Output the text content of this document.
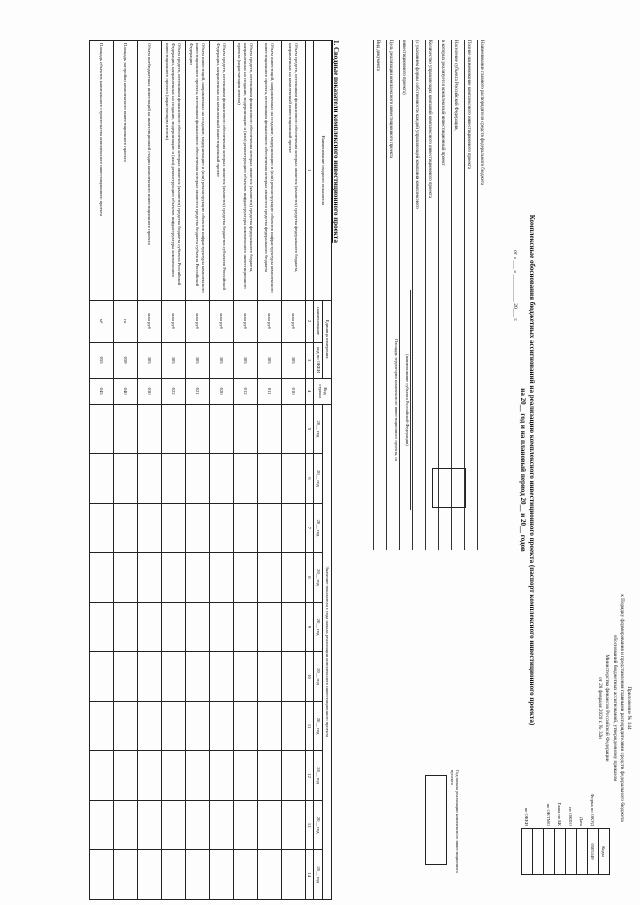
Приложение № 144
к Порядку формирования и представления главными распорядителями средств федерального бюджета
обоснований бюджетных ассигнований, утвержденному приказом
Министерства финансов Российской Федерации
от 28 февраля 2020 г. № 32н
	Коды
Форма по ОКУД	0505349
Дата	
по ОКПО	
Глава по БК	
по ОКТМО	

по ОКЕИ	
Комплексные обоснования бюджетных ассигнований на реализацию комплексного инвестиционного проекта (паспорт комплексного инвестиционного проекта)
на 20__ год и на плановый период 20__ и 20__ годов
от « ___ » __________ 20___ г.
Наименование главного распорядителя средств федерального бюджета
Полное наименование комплексного инвестиционного проекта
Население субъекта Российской Федерации,
в которых реализуется комплексный инвестиционный проект
Количество управляющих компаний комплексного инвестиционного проекта
(с указанием формы собственности каждой управляющей компании комплексного
инвестиционного проекта)
Цель реализации комплексного инвестиционного проекта
Вид документа
(наименование субъекта Российской Федерации)
Площадь территории комплексного инвестиционного проекта, га
Год начала реализации комплексного инвестиционного проекта
1. Сводные показатели комплексного инвестиционного проекта
Наименование сводного показателя	Единица измерения		Код строки	Значение показателя с года начала реализации комплексного инвестиционного проекта									
	наименование	код по ОКЕИ		20__ год	20__ год	20__ год	20__ год	20__ год	20__ год	20__ год	20__ год	20__ год	20__ год

1	2	3	4	5	6	7	8	9	10	11	12	13	14
Объем средств, источником финансового обеспечения которых является (являются) средства федерального бюджета, направленных на комплексный инвестиционный проект	млн руб	385	010										
Объем инвестиций, направленных на создание, модернизацию и (или) реконструкцию объектов инфраструктуры комплексного инвестиционного проекта, источником финансового обеспечения которых являются средства федерального бюджета	млн руб	385	011										
Объем средств, источником финансового обеспечения которых является (являются) средства федерального бюджета, направленных на создание, модернизацию и (или) реконструкцию объектов инфраструктуры комплексного инвестиционного проекта (нарастающим итогом)	млн руб	385	012										
Объем средств, источником финансового обеспечения которых является (являются) средства бюджетов субъектов Российской Федерации, направленных на комплексный инвестиционный проект	млн руб	385	020										
Объем инвестиций, направленных на создание, модернизацию и (или) реконструкцию объектов инфраструктуры комплексного инвестиционного проекта, источником финансового обеспечения которых являются средства бюджета субъекта Российской Федерации	млн руб	385	021										
Объем средств, источником финансового обеспечения которых является (являются) средства бюджета субъекта Российской Федерации, направленных на создание, модернизацию и (или) реконструкцию объектов инфраструктуры комплексного инвестиционного проекта (нарастающим итогом)	млн руб	385	022										
Объем внебюджетных инвестиций на инвестиционной стадии комплексного инвестиционного проекта	млн руб	385	030										
Площадь застройки комплексного инвестиционного проекта	га	059	040										
Площадь объектов капитального строительства комплексного инвестиционного проекта	м²	055	045										
